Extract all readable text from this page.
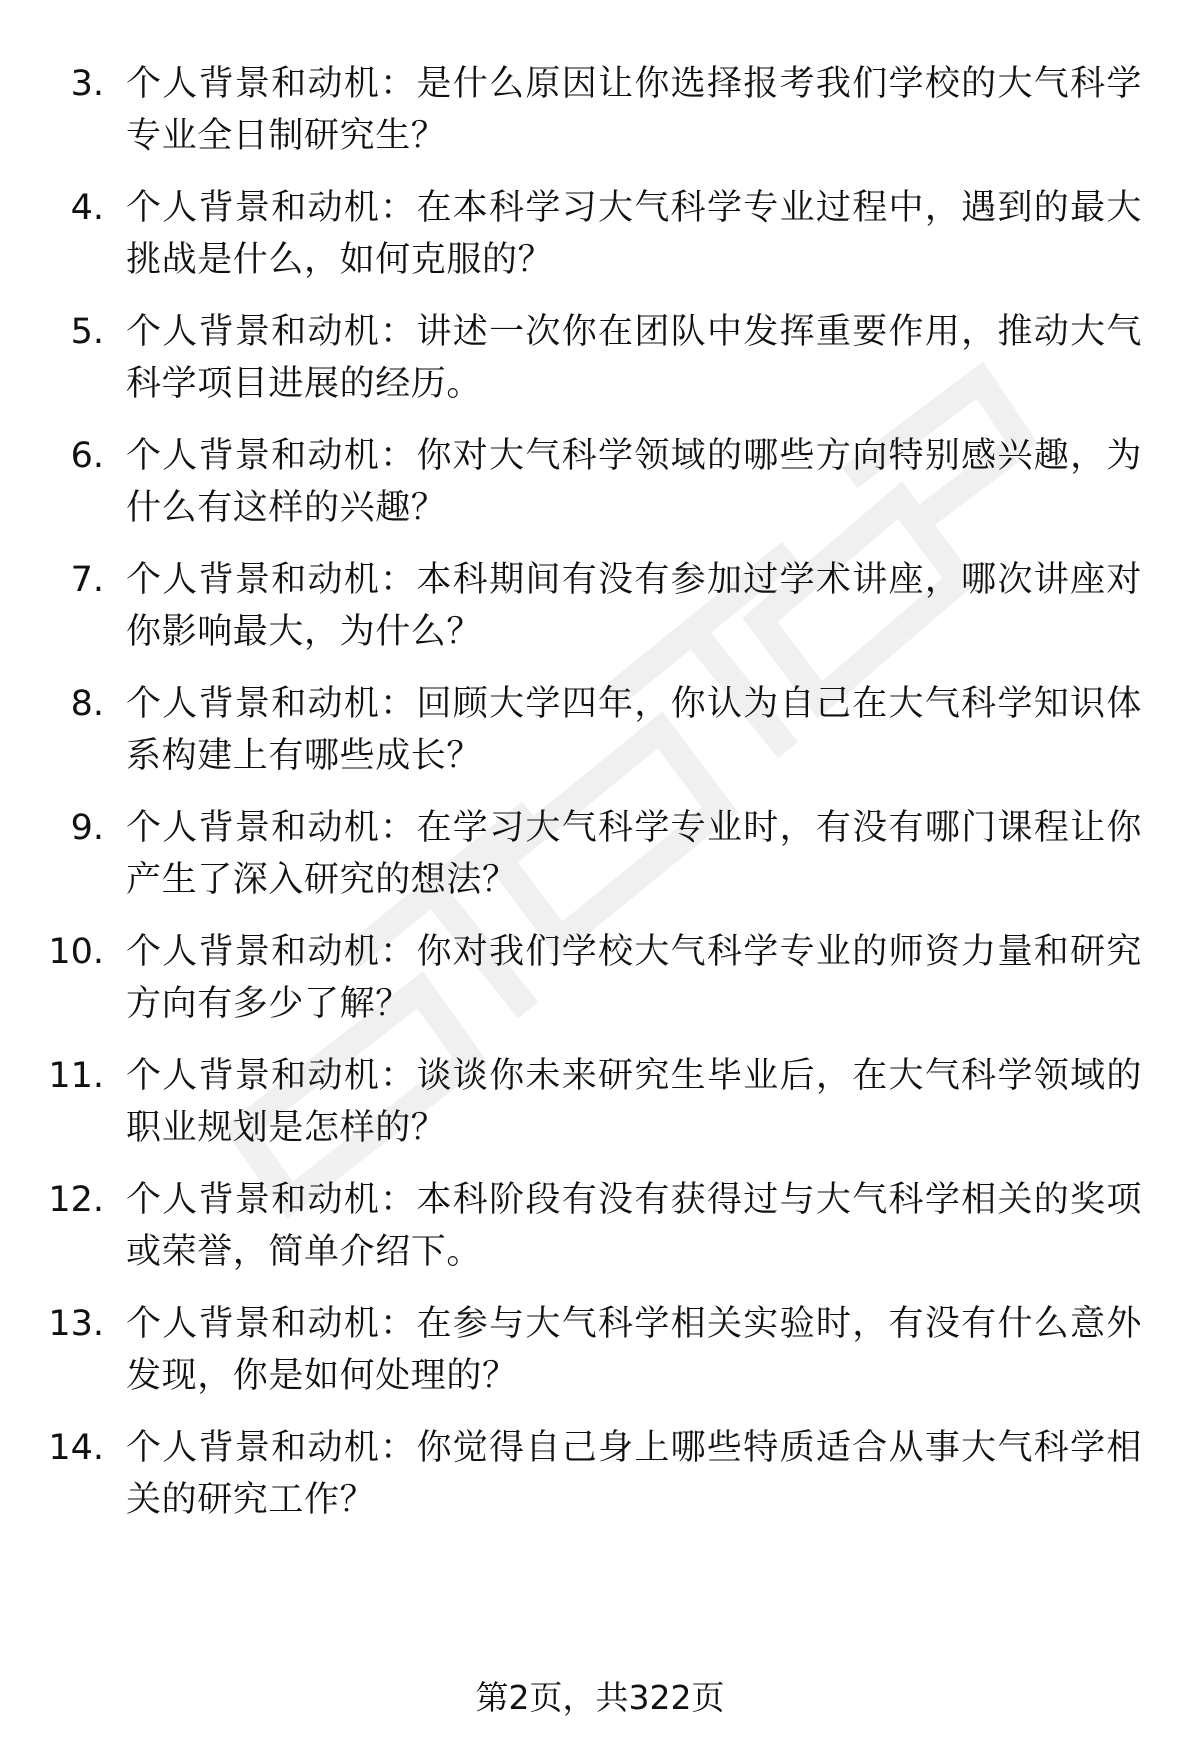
3. 个人背景和动机：是什么原因让你选择报考我们学校的大气科学专业全日制研究生？
4. 个人背景和动机：在本科学习大气科学专业过程中，遇到的最大挑战是什么，如何克服的？
5. 个人背景和动机：讲述一次你在团队中发挥重要作用，推动大气科学项目进展的经历。
6. 个人背景和动机：你对大气科学领域的哪些方向特别感兴趣，为什么有这样的兴趣？
7. 个人背景和动机：本科期间有没有参加过学术讲座，哪次讲座对你影响最大，为什么？
8. 个人背景和动机：回顾大学四年，你认为自己在大气科学知识体系构建上有哪些成长？
9. 个人背景和动机：在学习大气科学专业时，有没有哪门课程让你产生了深入研究的想法？
10. 个人背景和动机：你对我们学校大气科学专业的师资力量和研究方向有多少了解？
11. 个人背景和动机：谈谈你未来研究生毕业后，在大气科学领域的职业规划是怎样的？
12. 个人背景和动机：本科阶段有没有获得过与大气科学相关的奖项或荣誉，简单介绍下。
13. 个人背景和动机：在参与大气科学相关实验时，有没有什么意外发现，你是如何处理的？
14. 个人背景和动机：你觉得自己身上哪些特质适合从事大气科学相关的研究工作？
第2页，共322页
